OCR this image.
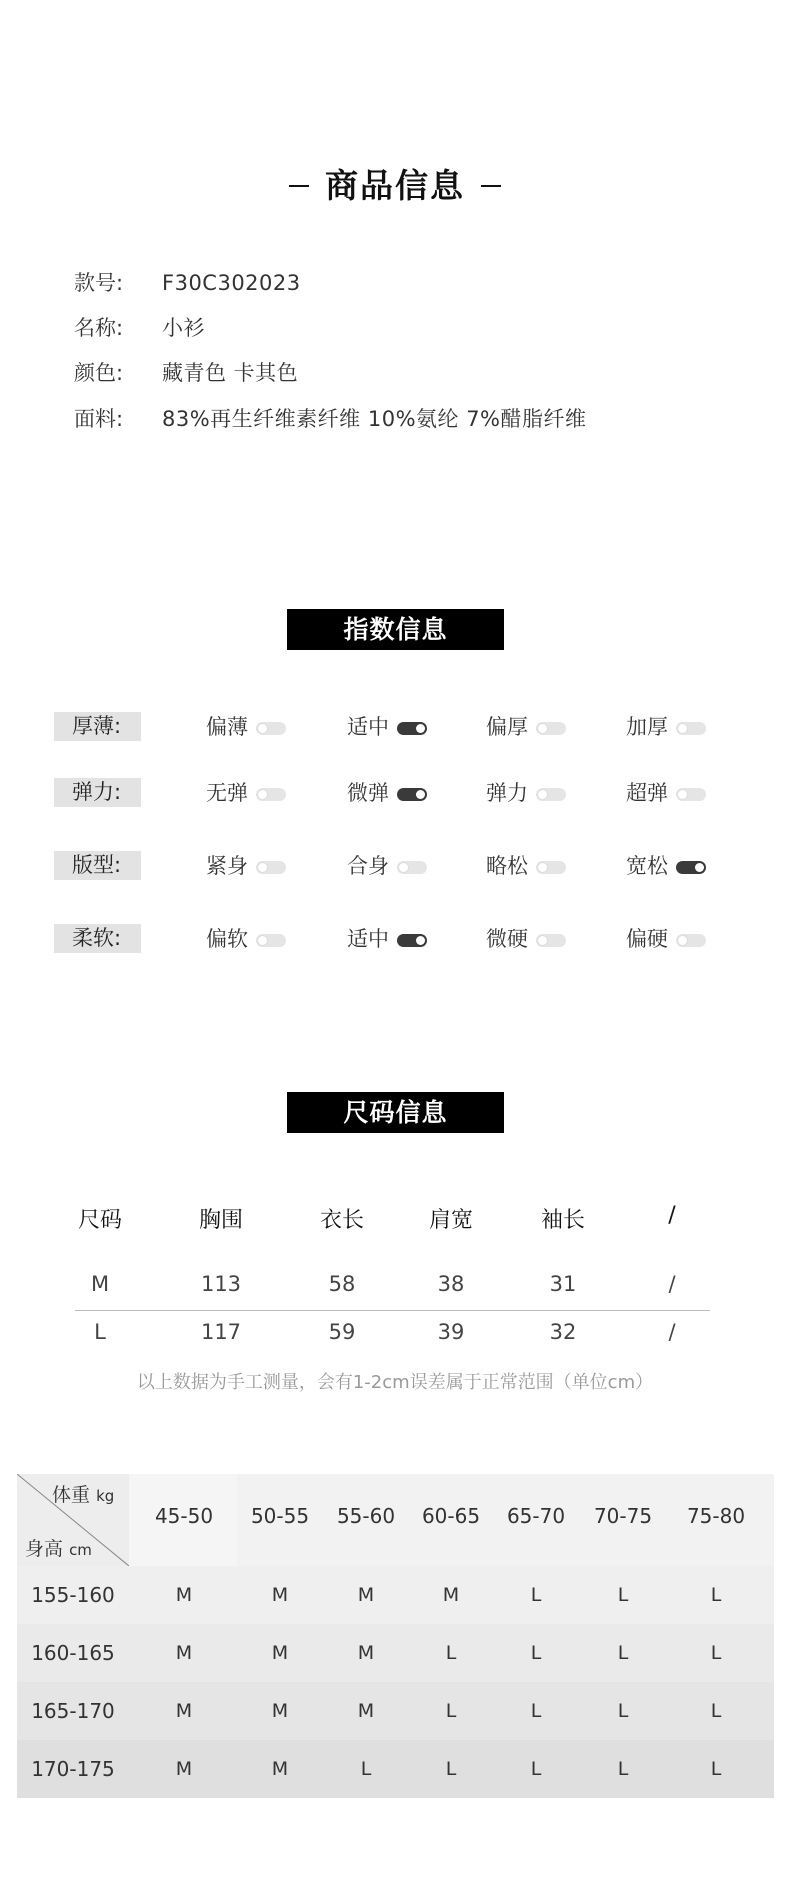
商品信息
款号: F30C302023
名称: 小衫
颜色: 藏青色 卡其色
面料: 83%再生纤维素纤维 10%氨纶 7%醋脂纤维
指数信息
厚薄:	偏薄	适中	偏厚	加厚
弹力:	无弹	微弹	弹力	超弹
版型:	紧身	合身	略松	宽松
柔软:	偏软	适中	微硬	偏硬
尺码信息
尺码	胸围	衣长	肩宽	袖长	/
M	113	58	38	31	/
L	117	59	39	32	/
以上数据为手工测量，会有1-2cm误差属于正常范围（单位cm）
体重 kg
身高 cm
45-50	50-55	55-60	60-65	65-70	70-75	75-80
155-160	M	M	M	M	L	L	L
160-165	M	M	M	L	L	L	L
165-170	M	M	M	L	L	L	L
170-175	M	M	L	L	L	L	L
